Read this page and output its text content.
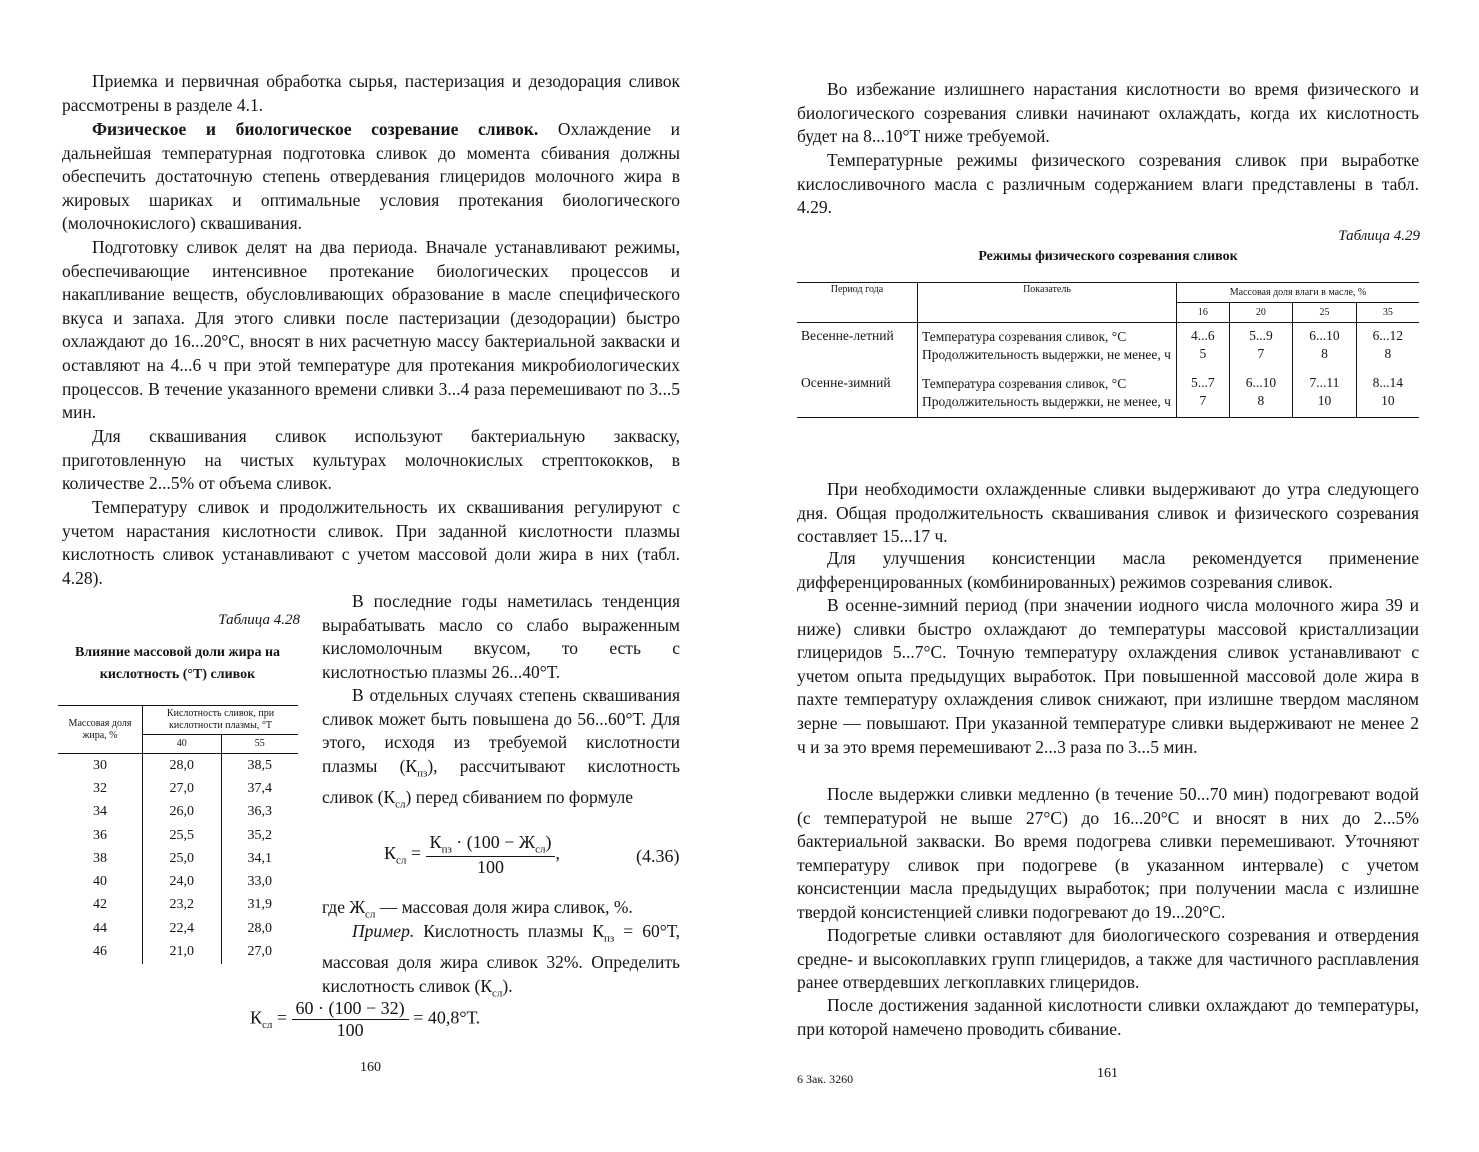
Приемка и первичная обработка сырья, пастеризация и дезодорация сливок рассмотрены в разделе 4.1.

Физическое и биологическое созревание сливок. Охлаждение и дальнейшая температурная подготовка сливок до момента сбивания должны обеспечить достаточную степень отвердевания глицеридов молочного жира в жировых шариках и оптимальные условия протекания биологического (молочнокислого) сквашивания.

Подготовку сливок делят на два периода. Вначале устанавливают режимы, обеспечивающие интенсивное протекание биологических процессов и накапливание веществ, обусловливающих образование в масле специфического вкуса и запаха. Для этого сливки после пастеризации (дезодорации) быстро охлаждают до 16...20°С, вносят в них расчетную массу бактериальной закваски и оставляют на 4...6 ч при этой температуре для протекания микробиологических процессов. В течение указанного времени сливки 3...4 раза перемешивают по 3...5 мин.

Для сквашивания сливок используют бактериальную закваску, приготовленную на чистых культурах молочнокислых стрептококков, в количестве 2...5% от объема сливок.

Температуру сливок и продолжительность их сквашивания регулируют с учетом нарастания кислотности сливок. При заданной кислотности плазмы кислотность сливок устанавливают с учетом массовой доли жира в них (табл. 4.28).

Таблица 4.28
Влияние массовой доли жира на кислотность (°Т) сливок
Массовая доля жира, %	Кислотность сливок, при кислотности плазмы, °Т	
	40	55
30	28,0	38,5
32	27,0	37,4
34	26,0	36,3
36	25,5	35,2
38	25,0	34,1
40	24,0	33,0
42	23,2	31,9
44	22,4	28,0
46	21,0	27,0

В последние годы наметилась тенденция вырабатывать масло со слабо выраженным кисломолочным вкусом, то есть с кислотностью плазмы 26...40°Т.

В отдельных случаях степень сквашивания сливок может быть повышена до 56...60°Т. Для этого, исходя из требуемой кислотности плазмы $(К_{пз})$, рассчитывают кислотность сливок $(К_{сл})$ перед сбиванием по формуле

$К_{сл} = \frac{К_{пз} \cdot (100 - Ж_{сл})}{100}$ ,	(4.36)

где $Ж_{сл}$ — массовая доля жира сливок, %.

Пример. Кислотность плазмы $К_{пз} = 60^\circ Т$, массовая доля жира сливок 32%. Определить кислотность сливок $(К_{сл})$.

$К_{сл} = \frac{60 \cdot (100 - 32)}{100} = 40,8^\circ Т$.
160

Во избежание излишнего нарастания кислотности во время физического и биологического созревания сливки начинают охлаждать, когда их кислотность будет на 8...10°Т ниже требуемой.

Температурные режимы физического созревания сливок при выработке кислосливочного масла с различным содержанием влаги представлены в табл. 4.29.

Таблица 4.29
Режимы физического созревания сливок
Период года	Показатель	Массовая доля влаги в масле, %			
		16	20	25	35
Весенне-летний	Температура созревания сливок, °С	4...6	5...9	6...10	6...12
	Продолжительность выдержки, не менее, ч	5	7	8	8
Осенне-зимний	Температура созревания сливок, °С	5...7	6...10	7...11	8...14
	Продолжительность выдержки, не менее, ч	7	8	10	10

При необходимости охлажденные сливки выдерживают до утра следующего дня. Общая продолжительность сквашивания сливок и физического созревания составляет 15...17 ч.

Для улучшения консистенции масла рекомендуется применение дифференцированных (комбинированных) режимов созревания сливок.

В осенне-зимний период (при значении иодного числа молочного жира 39 и ниже) сливки быстро охлаждают до температуры массовой кристаллизации глицеридов 5...7°С. Точную температуру охлаждения сливок устанавливают с учетом опыта предыдущих выработок. При повышенной массовой доле жира в пахте температуру охлаждения сливок снижают, при излишне твердом масляном зерне — повышают. При указанной температуре сливки выдерживают не менее 2 ч и за это время перемешивают 2...3 раза по 3...5 мин.

После выдержки сливки медленно (в течение 50...70 мин) подогревают водой (с температурой не выше 27°С) до 16...20°С и вносят в них до 2...5% бактериальной закваски. Во время подогрева сливки перемешивают. Уточняют температуру сливок при подогреве (в указанном интервале) с учетом консистенции масла предыдущих выработок; при получении масла с излишне твердой консистенцией сливки подогревают до 19...20°С.

Подогретые сливки оставляют для биологического созревания и отвердения средне- и высокоплавких групп глицеридов, а также для частичного расплавления ранее отвердевших легкоплавких глицеридов.

После достижения заданной кислотности сливки охлаждают до температуры, при которой намечено проводить сбивание.

6 Зак. 3260	161
